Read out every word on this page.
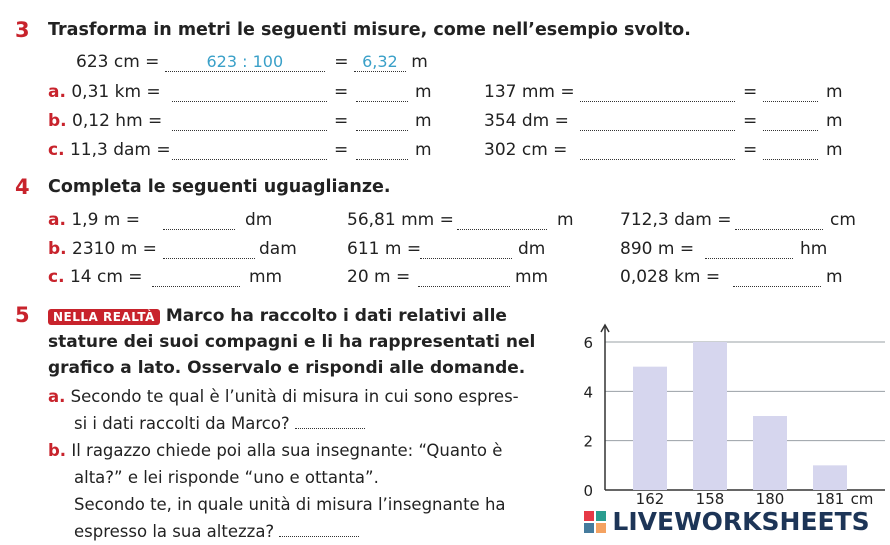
3 Trasforma in metri le seguenti misure, come nell’esempio svolto.
623 cm =	623 : 100	= 6,32 m
a. 0,31 km =	=	m	137 mm =	=	m
b. 0,12 hm =	=	m	354 dm =	=	m
c. 11,3 dam =	=	m	302 cm =	=	m
4 Completa le seguenti uguaglianze.
a. 1,9 m =	dm	56,81 mm =	m	712,3 dam =	cm
b. 2310 m =	dam	611 m =	dm	890 m =	hm
c. 14 cm =	mm	20 m =	mm	0,028 km =	m
5	NELLA REALTÀ Marco ha raccolto i dati relativi alle
stature dei suoi compagni e li ha rappresentati nel
grafico a lato. Osservalo e rispondi alle domande.
a. Secondo te qual è l’unità di misura in cui sono espres-
si i dati raccolti da Marco?
b. Il ragazzo chiede poi alla sua insegnante: “Quanto è
alta?” e lei risponde “uno e ottanta”.
Secondo te, in quale unità di misura l’insegnante ha
espresso la sua altezza?
0
2
4
6
162 158 180 181 cm
LIVEWORKSHEETS
